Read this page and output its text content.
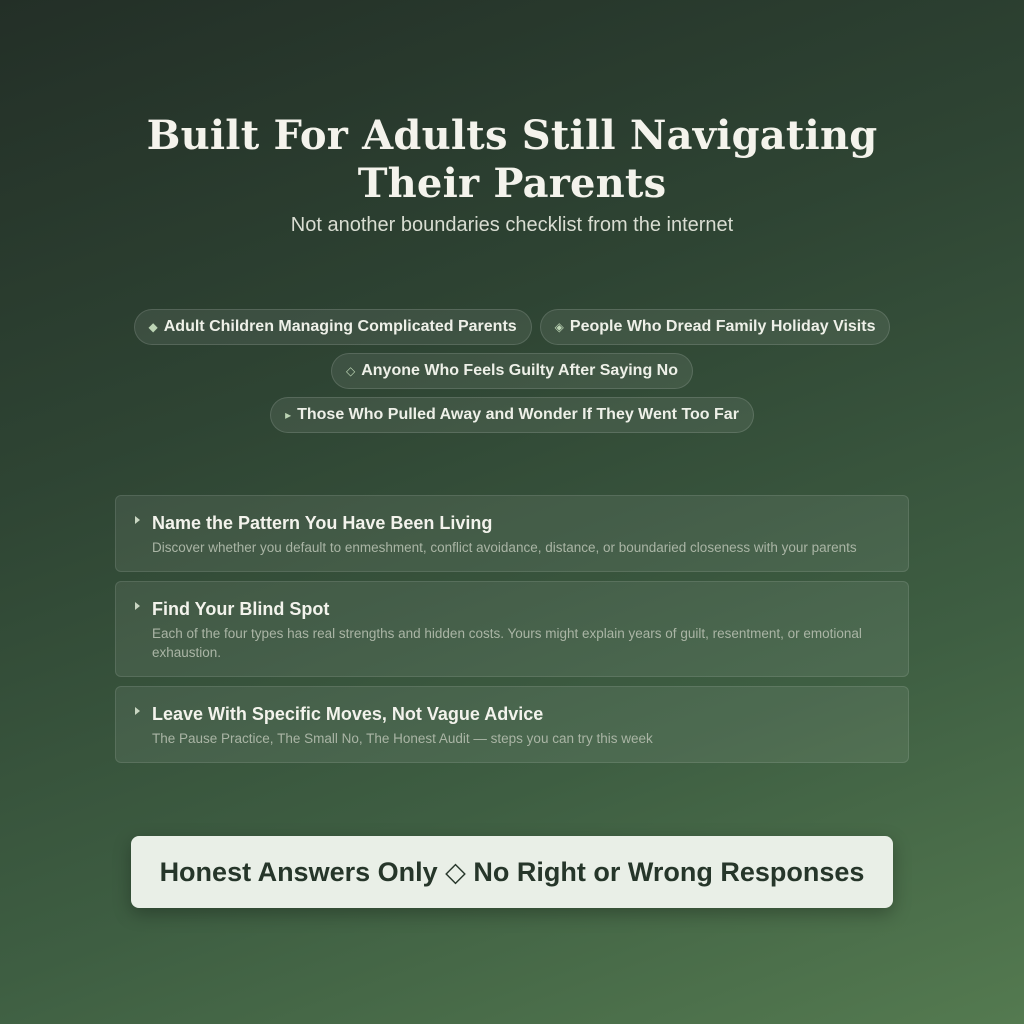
Built For Adults Still Navigating Their Parents
Not another boundaries checklist from the internet
◆ Adult Children Managing Complicated Parents	◈ People Who Dread Family Holiday Visits
◇ Anyone Who Feels Guilty After Saying No
▸ Those Who Pulled Away and Wonder If They Went Too Far
Name the Pattern You Have Been Living
Discover whether you default to enmeshment, conflict avoidance, distance, or boundaried closeness with your parents
Find Your Blind Spot
Each of the four types has real strengths and hidden costs. Yours might explain years of guilt, resentment, or emotional exhaustion.
Leave With Specific Moves, Not Vague Advice
The Pause Practice, The Small No, The Honest Audit — steps you can try this week
Honest Answers Only ◇ No Right or Wrong Responses
